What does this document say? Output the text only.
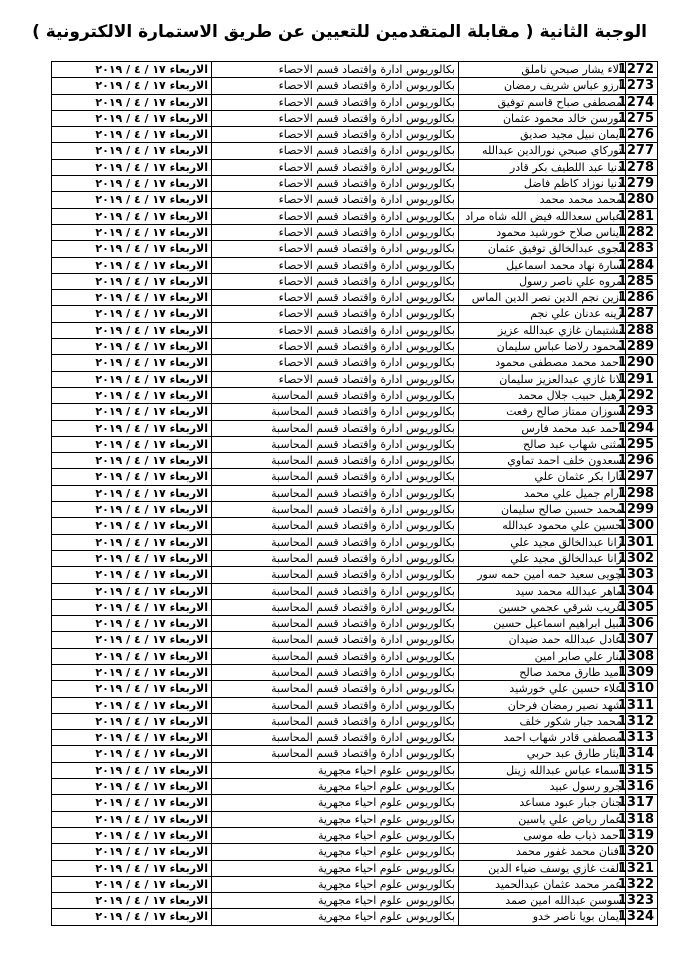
الوجبة الثانية ( مقابلة المتقدمين للتعيين عن طريق الاستمارة الالكترونية )
1272	الاء يشار صبحي ناملق	بكالوريوس ادارة واقتصاد قسم الاحصاء	الاربعاء ١٧ / ٤ / ٢٠١٩
1273	ارزو عباس شريف رمضان	بكالوريوس ادارة واقتصاد قسم الاحصاء	الاربعاء ١٧ / ٤ / ٢٠١٩
1274	مصطفى صباح قاسم توفيق	بكالوريوس ادارة واقتصاد قسم الاحصاء	الاربعاء ١٧ / ٤ / ٢٠١٩
1275	نورسن خالد محمود عثمان	بكالوريوس ادارة واقتصاد قسم الاحصاء	الاربعاء ١٧ / ٤ / ٢٠١٩
1276	ايمان نبيل مجيد صديق	بكالوريوس ادارة واقتصاد قسم الاحصاء	الاربعاء ١٧ / ٤ / ٢٠١٩
1277	توركاي صبحي نورالدين عبدالله	بكالوريوس ادارة واقتصاد قسم الاحصاء	الاربعاء ١٧ / ٤ / ٢٠١٩
1278	دنيا عبد اللطيف بكر قادر	بكالوريوس ادارة واقتصاد قسم الاحصاء	الاربعاء ١٧ / ٤ / ٢٠١٩
1279	دنيا نوزاد كاظم فاضل	بكالوريوس ادارة واقتصاد قسم الاحصاء	الاربعاء ١٧ / ٤ / ٢٠١٩
1280	محمد محمد محمد	بكالوريوس ادارة واقتصاد قسم الاحصاء	الاربعاء ١٧ / ٤ / ٢٠١٩
1281	عباس سعدالله فيض الله شاه مراد	بكالوريوس ادارة واقتصاد قسم الاحصاء	الاربعاء ١٧ / ٤ / ٢٠١٩
1282	ايناس صلاح خورشيد محمود	بكالوريوس ادارة واقتصاد قسم الاحصاء	الاربعاء ١٧ / ٤ / ٢٠١٩
1283	نجوى عبدالخالق توفيق عثمان	بكالوريوس ادارة واقتصاد قسم الاحصاء	الاربعاء ١٧ / ٤ / ٢٠١٩
1284	سارة نهاد محمد اسماعيل	بكالوريوس ادارة واقتصاد قسم الاحصاء	الاربعاء ١٧ / ٤ / ٢٠١٩
1285	مروه علي ناصر رسول	بكالوريوس ادارة واقتصاد قسم الاحصاء	الاربعاء ١٧ / ٤ / ٢٠١٩
1286	ازين نجم الدين نصر الدين الماس	بكالوريوس ادارة واقتصاد قسم الاحصاء	الاربعاء ١٧ / ٤ / ٢٠١٩
1287	زينه عدنان علي نجم	بكالوريوس ادارة واقتصاد قسم الاحصاء	الاربعاء ١٧ / ٤ / ٢٠١٩
1288	نشتيمان غازي عبدالله عزيز	بكالوريوس ادارة واقتصاد قسم الاحصاء	الاربعاء ١٧ / ٤ / ٢٠١٩
1289	محمود رلاضا عباس سليمان	بكالوريوس ادارة واقتصاد قسم الاحصاء	الاربعاء ١٧ / ٤ / ٢٠١٩
1290	احمد محمد مصطفى محمود	بكالوريوس ادارة واقتصاد قسم الاحصاء	الاربعاء ١٧ / ٤ / ٢٠١٩
1291	لانا غازي عبدالعزيز سليمان	بكالوريوس ادارة واقتصاد قسم الاحصاء	الاربعاء ١٧ / ٤ / ٢٠١٩
1292	رهيل حبيب جلال محمد	بكالوريوس ادارة واقتصاد قسم المحاسبة	الاربعاء ١٧ / ٤ / ٢٠١٩
1293	سوزان ممتاز صالح رفعت	بكالوريوس ادارة واقتصاد قسم المحاسبة	الاربعاء ١٧ / ٤ / ٢٠١٩
1294	احمد عبد محمد فارس	بكالوريوس ادارة واقتصاد قسم المحاسبة	الاربعاء ١٧ / ٤ / ٢٠١٩
1295	مثنى شهاب عبد صالح	بكالوريوس ادارة واقتصاد قسم المحاسبة	الاربعاء ١٧ / ٤ / ٢٠١٩
1296	سعدون خلف احمد تماوي	بكالوريوس ادارة واقتصاد قسم المحاسبة	الاربعاء ١٧ / ٤ / ٢٠١٩
1297	تارا بكر عثمان علي	بكالوريوس ادارة واقتصاد قسم المحاسبة	الاربعاء ١٧ / ٤ / ٢٠١٩
1298	ارام جميل علي محمد	بكالوريوس ادارة واقتصاد قسم المحاسبة	الاربعاء ١٧ / ٤ / ٢٠١٩
1299	محمد حسين صالح سليمان	بكالوريوس ادارة واقتصاد قسم المحاسبة	الاربعاء ١٧ / ٤ / ٢٠١٩
1300	حسين علي محمود عبدالله	بكالوريوس ادارة واقتصاد قسم المحاسبة	الاربعاء ١٧ / ٤ / ٢٠١٩
1301	زانا عبدالخالق مجيد علي	بكالوريوس ادارة واقتصاد قسم المحاسبة	الاربعاء ١٧ / ٤ / ٢٠١٩
1302	زانا عبدالخالق مجيد علي	بكالوريوس ادارة واقتصاد قسم المحاسبة	الاربعاء ١٧ / ٤ / ٢٠١٩
1303	چويى سعيد حمه امين حمه سور	بكالوريوس ادارة واقتصاد قسم المحاسبة	الاربعاء ١٧ / ٤ / ٢٠١٩
1304	ماهر عبدالله محمد سيد	بكالوريوس ادارة واقتصاد قسم المحاسبة	الاربعاء ١٧ / ٤ / ٢٠١٩
1305	غريب شرقي عجمي حسين	بكالوريوس ادارة واقتصاد قسم المحاسبة	الاربعاء ١٧ / ٤ / ٢٠١٩
1306	نبيل ابراهيم اسماعيل حسين	بكالوريوس ادارة واقتصاد قسم المحاسبة	الاربعاء ١٧ / ٤ / ٢٠١٩
1307	عادل عبدالله حمد ضيدان	بكالوريوس ادارة واقتصاد قسم المحاسبة	الاربعاء ١٧ / ٤ / ٢٠١٩
1308	بنار علي صابر امين	بكالوريوس ادارة واقتصاد قسم المحاسبة	الاربعاء ١٧ / ٤ / ٢٠١٩
1309	اميد طارق محمد صالح	بكالوريوس ادارة واقتصاد قسم المحاسبة	الاربعاء ١٧ / ٤ / ٢٠١٩
1310	علاء حسين علي خورشيد	بكالوريوس ادارة واقتصاد قسم المحاسبة	الاربعاء ١٧ / ٤ / ٢٠١٩
1311	شهد نصير رمضان فرحان	بكالوريوس ادارة واقتصاد قسم المحاسبة	الاربعاء ١٧ / ٤ / ٢٠١٩
1312	محمد جبار شكور خلف	بكالوريوس ادارة واقتصاد قسم المحاسبة	الاربعاء ١٧ / ٤ / ٢٠١٩
1313	مصطفى قادر شهاب احمد	بكالوريوس ادارة واقتصاد قسم المحاسبة	الاربعاء ١٧ / ٤ / ٢٠١٩
1314	ايثار طارق عبد حربي	بكالوريوس ادارة واقتصاد قسم المحاسبة	الاربعاء ١٧ / ٤ / ٢٠١٩
1315	اسماء عباس عبدالله زينل	بكالوريوس علوم احياء مجهرية	الاربعاء ١٧ / ٤ / ٢٠١٩
1316	جرو رسول عبيد	بكالوريوس علوم احياء مجهرية	الاربعاء ١٧ / ٤ / ٢٠١٩
1317	جنان جبار عبود مساعد	بكالوريوس علوم احياء مجهرية	الاربعاء ١٧ / ٤ / ٢٠١٩
1318	عمار رياض علي ياسين	بكالوريوس علوم احياء مجهرية	الاربعاء ١٧ / ٤ / ٢٠١٩
1319	احمد ذياب طه موسى	بكالوريوس علوم احياء مجهرية	الاربعاء ١٧ / ٤ / ٢٠١٩
1320	افنان محمد غفور محمد	بكالوريوس علوم احياء مجهرية	الاربعاء ١٧ / ٤ / ٢٠١٩
1321	الفت غازي يوسف ضياء الدين	بكالوريوس علوم احياء مجهرية	الاربعاء ١٧ / ٤ / ٢٠١٩
1322	عمر محمد عثمان عبدالحميد	بكالوريوس علوم احياء مجهرية	الاربعاء ١٧ / ٤ / ٢٠١٩
1323	سوسن عبدالله امين صمد	بكالوريوس علوم احياء مجهرية	الاربعاء ١٧ / ٤ / ٢٠١٩
1324	ايمان بويا ناصر خدو	بكالوريوس علوم احياء مجهرية	الاربعاء ١٧ / ٤ / ٢٠١٩
